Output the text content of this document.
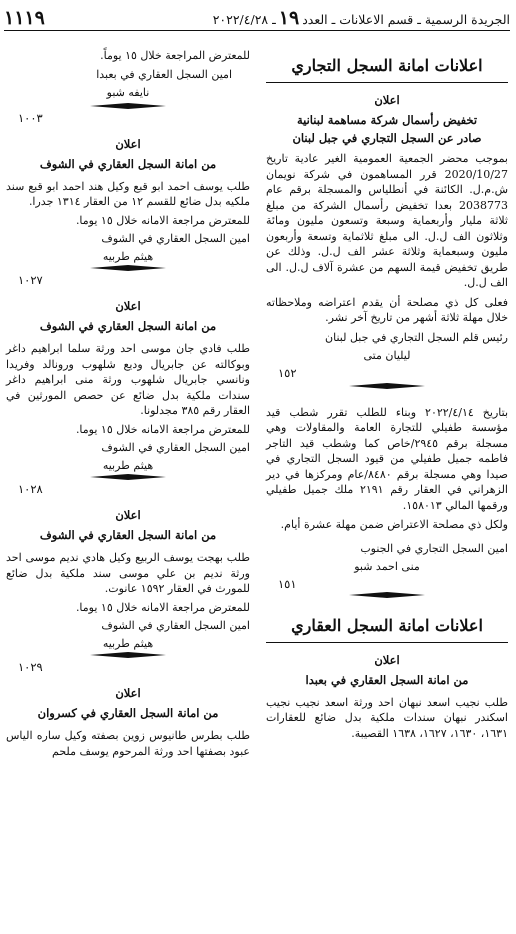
الجريدة الرسمية ـ قسم الاعلانات ـ العدد١٩ـ ٢٠٢٢/٤/٢٨
١١١٩
اعلانات امانة السجل التجاري
اعلان
تخفيض رأسمال شركة مساهمة لبنانية
صادر عن السجل التجاري في جبل لبنان

بموجب محضر الجمعية العمومية الغير عادية تاريخ 2020/10/27 قرر المساهمون في شركة نويمان ش.م.ل. الكائنة في أنطلياس والمسجلة برقم عام 2038773 بعدا تخفيض رأسمال الشركة من مبلغ ثلاثة مليار وأربعماية وسبعة وتسعون مليون ومائة وثلاثون الف ل.ل. الى مبلغ ثلاثماية وتسعة وأربعون مليون وسبعماية وثلاثة عشر الف ل.ل. وذلك عن طريق تخفيض قيمة السهم من عشرة آلاف ل.ل. الى الف ل.ل.

فعلى كل ذي مصلحة أن يقدم اعتراضه وملاحظاته خلال مهلة ثلاثة أشهر من تاريخ آخر نشر.

رئيس قلم السجل التجاري في جبل لبنان
ليليان متى
١٥٢

بتاريخ ٢٠٢٢/٤/١٤ وبناء للطلب تقرر شطب قيد مؤسسة طفيلي للتجارة العامة والمقاولات وهي مسجلة برقم ٢٩٤٥/خاص كما وشطب قيد التاجر فاطمه جميل طفيلي من قيود السجل التجاري في صيدا وهي مسجلة برقم ٨٤٨٠/عام ومركزها في دير الزهراني في العقار رقم ٢١٩١ ملك جميل طفيلي ورقمها المالي ١٥٨٠١٣.

ولكل ذي مصلحة الاعتراض ضمن مهلة عشرة أيام.

امين السجل التجاري في الجنوب
منى احمد شبو
١٥١
اعلانات امانة السجل العقاري
اعلان
من امانة السجل العقاري في بعبدا

طلب نجيب اسعد نبهان احد ورثة اسعد نجيب نجيب اسكندر نبهان سندات ملكية بدل ضائع للعقارات ١٦٣١، ١٦٣٠، ١٦٢٧، ١٦٣٨ القصيبة.

للمعترض المراجعة خلال ١٥ يوماً.

امين السجل العقاري في بعبدا
نايفه شبو
١٠٠٣
اعلان
من امانة السجل العقاري في الشوف

طلب يوسف احمد ابو قبع وكيل هند احمد ابو قبع سند ملكيه بدل ضائع للقسم ١٢ من العقار ١٣١٤ جدرا.

للمعترض مراجعة الامانه خلال ١٥ يوما.

امين السجل العقاري في الشوف
هيثم طربيه
١٠٢٧
اعلان
من امانة السجل العقاري في الشوف

طلب فادي جان موسى احد ورثة سلما ابراهيم داغر وبوكالته عن جابريال وديع شلهوب ورونالد وفريدا ونانسي جابريال شلهوب ورثة منى ابراهيم داغر سندات ملكية بدل ضائع عن حصص المورثين في العقار رقم ٣٨٥ مجدلونا.

للمعترض مراجعة الامانه خلال ١٥ يوما.

امين السجل العقاري في الشوف
هيثم طربيه
١٠٢٨
اعلان
من امانة السجل العقاري في الشوف

طلب بهجت يوسف الربيع وكيل هادي نديم موسى احد ورثة نديم بن علي موسى سند ملكية بدل ضائع للمورث في العقار ١٥٩٢ عانوت.

للمعترض مراجعة الامانه خلال ١٥ يوما.

امين السجل العقاري في الشوف
هيثم طربيه
١٠٢٩
اعلان
من امانة السجل العقاري في كسروان

طلب بطرس طانيوس زوين بصفته وكيل ساره الياس عبود بصفتها احد ورثة المرحوم يوسف ملحم
